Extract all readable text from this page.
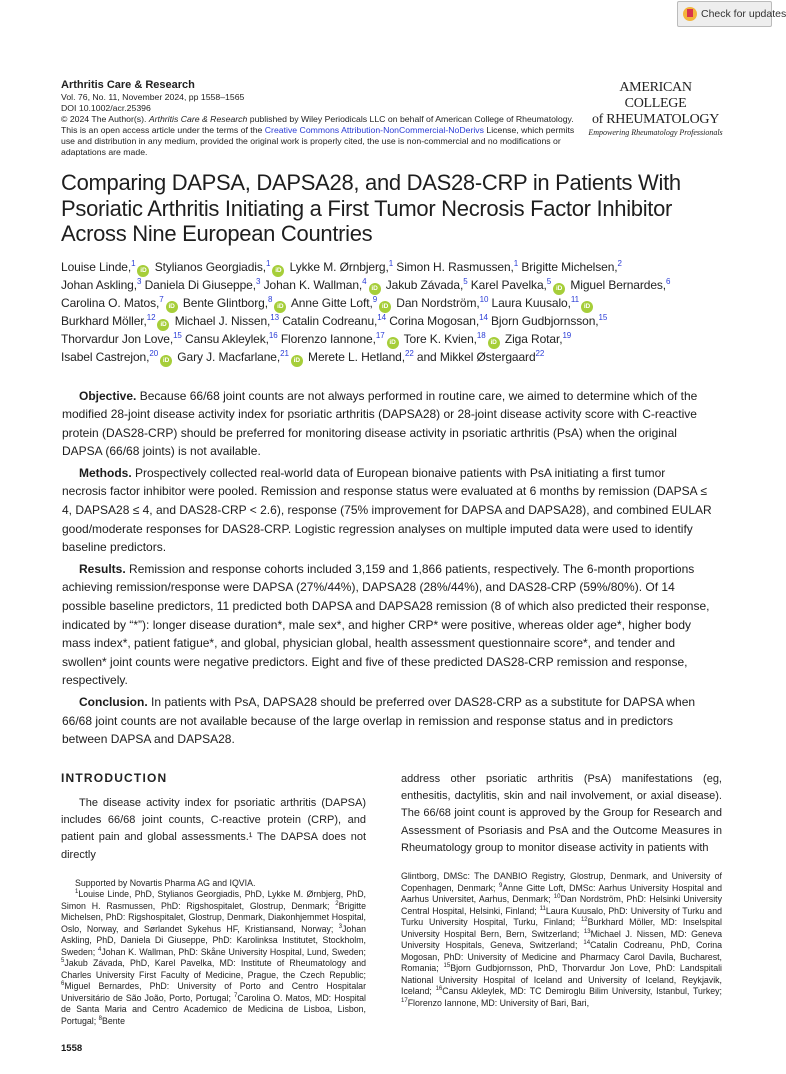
Check for updates
Arthritis Care & Research
Vol. 76, No. 11, November 2024, pp 1558–1565
DOI 10.1002/acr.25396
© 2024 The Author(s). Arthritis Care & Research published by Wiley Periodicals LLC on behalf of American College of Rheumatology.
This is an open access article under the terms of the Creative Commons Attribution-NonCommercial-NoDerivs License, which permits use and distribution in any medium, provided the original work is properly cited, the use is non-commercial and no modifications or adaptations are made.
AMERICAN COLLEGE
of RHEUMATOLOGY
Empowering Rheumatology Professionals
Comparing DAPSA, DAPSA28, and DAS28-CRP in Patients With Psoriatic Arthritis Initiating a First Tumor Necrosis Factor Inhibitor Across Nine European Countries
Louise Linde,$^1$iD Stylianos Georgiadis,$^1$iD Lykke M. Ørnbjerg,$^1$ Simon H. Rasmussen,$^1$ Brigitte Michelsen,$^2$
Johan Askling,$^3$ Daniela Di Giuseppe,$^3$ Johan K. Wallman,$^4$iD Jakub Závada,$^5$ Karel Pavelka,$^5$iD Miguel Bernardes,$^6$
Carolina O. Matos,$^7$iD Bente Glintborg,$^8$iD Anne Gitte Loft,$^9$iD Dan Nordström,$^{10}$ Laura Kuusalo,$^{11}$iD
Burkhard Möller,$^{12}$iD Michael J. Nissen,$^{13}$ Catalin Codreanu,$^{14}$ Corina Mogosan,$^{14}$ Bjorn Gudbjornsson,$^{15}$
Thorvardur Jon Love,$^{15}$ Cansu Akleylek,$^{16}$ Florenzo Iannone,$^{17}$iD Tore K. Kvien,$^{18}$iD Ziga Rotar,$^{19}$
Isabel Castrejon,$^{20}$iD Gary J. Macfarlane,$^{21}$iD Merete L. Hetland,$^{22}$ and Mikkel Østergaard$^{22}$

Objective. Because 66/68 joint counts are not always performed in routine care, we aimed to determine which of the modified 28-joint disease activity index for psoriatic arthritis (DAPSA28) or 28-joint disease activity score with C-reactive protein (DAS28-CRP) should be preferred for monitoring disease activity in psoriatic arthritis (PsA) when the original DAPSA (66/68 joints) is not available.

Methods. Prospectively collected real-world data of European bionaive patients with PsA initiating a first tumor necrosis factor inhibitor were pooled. Remission and response status were evaluated at 6 months by remission (DAPSA ≤ 4, DAPSA28 ≤ 4, and DAS28-CRP < 2.6), response (75% improvement for DAPSA and DAPSA28), and combined EULAR good/moderate responses for DAS28-CRP. Logistic regression analyses on multiple imputed data were used to identify baseline predictors.

Results. Remission and response cohorts included 3,159 and 1,866 patients, respectively. The 6-month proportions achieving remission/response were DAPSA (27%/44%), DAPSA28 (28%/44%), and DAS28-CRP (59%/80%). Of 14 possible baseline predictors, 11 predicted both DAPSA and DAPSA28 remission (8 of which also predicted their response, indicated by “*”): longer disease duration*, male sex*, and higher CRP* were positive, whereas older age*, higher body mass index*, patient fatigue*, and global, physician global, health assessment questionnaire score*, and tender and swollen* joint counts were negative predictors. Eight and five of these predicted DAS28-CRP remission and response, respectively.

Conclusion. In patients with PsA, DAPSA28 should be preferred over DAS28-CRP as a substitute for DAPSA when 66/68 joint counts are not available because of the large overlap in remission and response status and in predictors between DAPSA and DAPSA28.

INTRODUCTION
The disease activity index for psoriatic arthritis (DAPSA) includes 66/68 joint counts, C-reactive protein (CRP), and patient pain and global assessments.¹ The DAPSA does not directly
Supported by Novartis Pharma AG and IQVIA.
$^1$Louise Linde, PhD, Stylianos Georgiadis, PhD, Lykke M. Ørnbjerg, PhD, Simon H. Rasmussen, PhD: Rigshospitalet, Glostrup, Denmark; $^2$Brigitte Michelsen, PhD: Rigshospitalet, Glostrup, Denmark, Diakonhjemmet Hospital, Oslo, Norway, and Sørlandet Sykehus HF, Kristiansand, Norway; $^3$Johan Askling, PhD, Daniela Di Giuseppe, PhD: Karolinksa Institutet, Stockholm, Sweden; $^4$Johan K. Wallman, PhD: Skåne University Hospital, Lund, Sweden; $^5$Jakub Závada, PhD, Karel Pavelka, MD: Institute of Rheumatology and Charles University First Faculty of Medicine, Prague, the Czech Republic; $^6$Miguel Bernardes, PhD: University of Porto and Centro Hospitalar Universitário de São João, Porto, Portugal; $^7$Carolina O. Matos, MD: Hospital de Santa Maria and Centro Academico de Medicina de Lisboa, Lisbon, Portugal; $^8$Bente
address other psoriatic arthritis (PsA) manifestations (eg, enthesitis, dactylitis, skin and nail involvement, or axial disease). The 66/68 joint count is approved by the Group for Research and Assessment of Psoriasis and PsA and the Outcome Measures in Rheumatology group to monitor disease activity in patients with
Glintborg, DMSc: The DANBIO Registry, Glostrup, Denmark, and University of Copenhagen, Denmark; $^9$Anne Gitte Loft, DMSc: Aarhus University Hospital and Aarhus Universitet, Aarhus, Denmark; $^{10}$Dan Nordström, PhD: Helsinki University Central Hospital, Helsinki, Finland; $^{11}$Laura Kuusalo, PhD: University of Turku and Turku University Hospital, Turku, Finland; $^{12}$Burkhard Möller, MD: Inselspital University Hospital Bern, Bern, Switzerland; $^{13}$Michael J. Nissen, MD: Geneva University Hospitals, Geneva, Switzerland; $^{14}$Catalin Codreanu, PhD, Corina Mogosan, PhD: University of Medicine and Pharmacy Carol Davila, Bucharest, Romania; $^{15}$Bjorn Gudbjornsson, PhD, Thorvardur Jon Love, PhD: Landspitali National University Hospital of Iceland and University of Iceland, Reykjavik, Iceland; $^{16}$Cansu Akleylek, MD: TC Demiroglu Bilim University, Istanbul, Turkey; $^{17}$Florenzo Iannone, MD: University of Bari, Bari,
1558
